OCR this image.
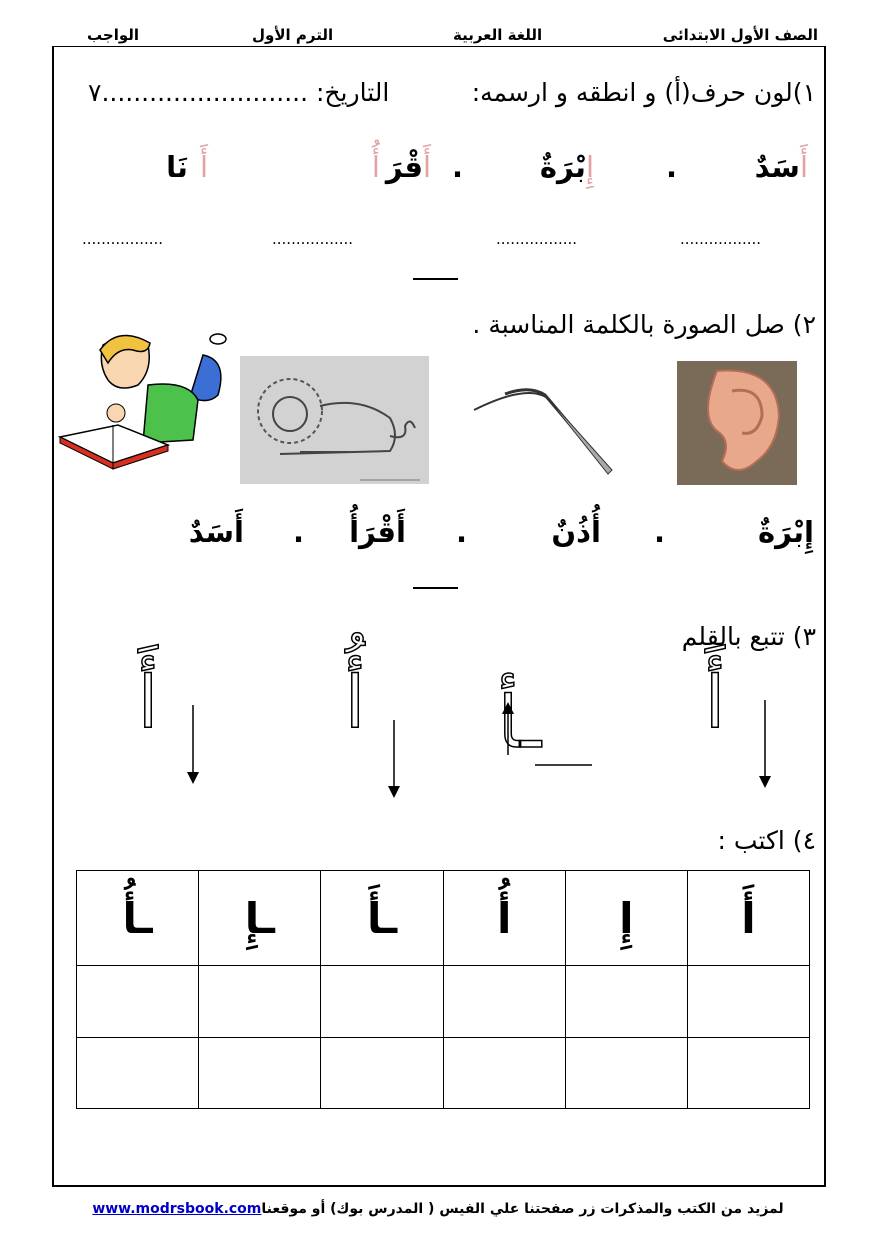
الصف الأول الابتدائى
اللغة العربية
الترم الأول
الواجب
١)لون حرف(أ) و انطقه و ارسمه:
التاريخ: ..........................٧
أَسَدٌ
.
إِبْرَةٌ
.
أَقْرَأُ
أَنَا
.................
.................
.................
.................
٢) صل الصورة بالكلمة المناسبة .
إِبْرَةٌ
.
أُذُنٌ
.
أَقْرَأُ
.
أَسَدٌ
٣) تتبع بالقلم
أَ
ـأ
أُ
أَ
٤) اكتب :
ـأُ	ـإِ	ـأَ	أُ	إِ	أَ

لمزيد من الكتب والمذكرات زر صفحتنا علي الفيس ( المدرس بوك) أو موقعناwww.modrsbook.com
